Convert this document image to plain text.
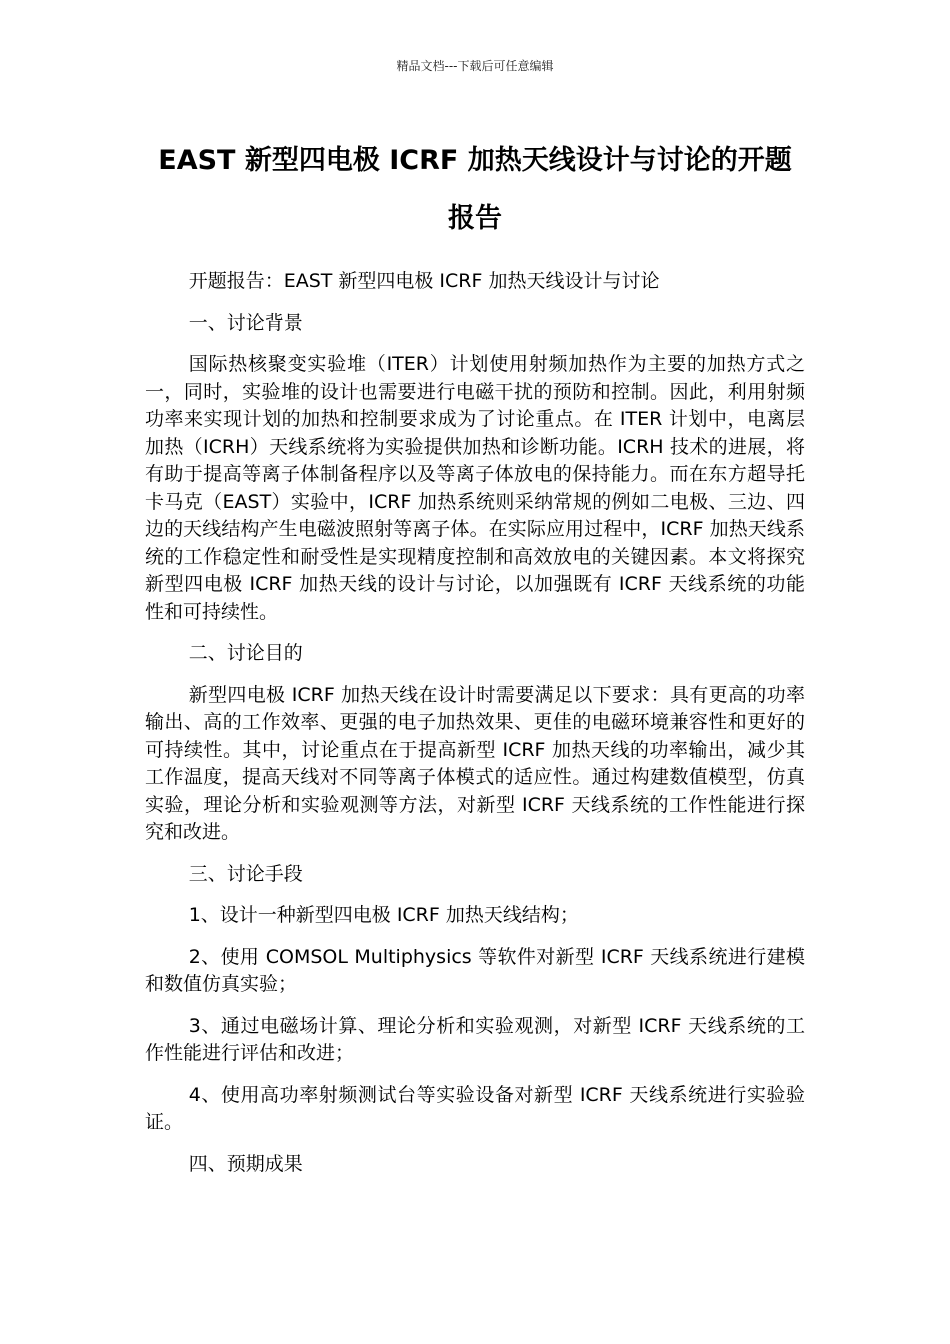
精品文档---下载后可任意编辑
EAST 新型四电极 ICRF 加热天线设计与讨论的开题报告

开题报告：EAST 新型四电极 ICRF 加热天线设计与讨论

一、讨论背景

国际热核聚变实验堆（ITER）计划使用射频加热作为主要的加热方式之一，同时，实验堆的设计也需要进行电磁干扰的预防和控制。因此，利用射频功率来实现计划的加热和控制要求成为了讨论重点。在 ITER 计划中，电离层加热（ICRH）天线系统将为实验提供加热和诊断功能。ICRH 技术的进展，将有助于提高等离子体制备程序以及等离子体放电的保持能力。而在东方超导托卡马克（EAST）实验中，ICRF 加热系统则采纳常规的例如二电极、三边、四边的天线结构产生电磁波照射等离子体。在实际应用过程中，ICRF 加热天线系统的工作稳定性和耐受性是实现精度控制和高效放电的关键因素。本文将探究新型四电极 ICRF 加热天线的设计与讨论，以加强既有 ICRF 天线系统的功能性和可持续性。

二、讨论目的

新型四电极 ICRF 加热天线在设计时需要满足以下要求：具有更高的功率输出、高的工作效率、更强的电子加热效果、更佳的电磁环境兼容性和更好的可持续性。其中，讨论重点在于提高新型 ICRF 加热天线的功率输出，减少其工作温度，提高天线对不同等离子体模式的适应性。通过构建数值模型，仿真实验，理论分析和实验观测等方法，对新型 ICRF 天线系统的工作性能进行探究和改进。

三、讨论手段

1、设计一种新型四电极 ICRF 加热天线结构；

2、使用 COMSOL Multiphysics 等软件对新型 ICRF 天线系统进行建模和数值仿真实验；

3、通过电磁场计算、理论分析和实验观测，对新型 ICRF 天线系统的工作性能进行评估和改进；

4、使用高功率射频测试台等实验设备对新型 ICRF 天线系统进行实验验证。

四、预期成果
